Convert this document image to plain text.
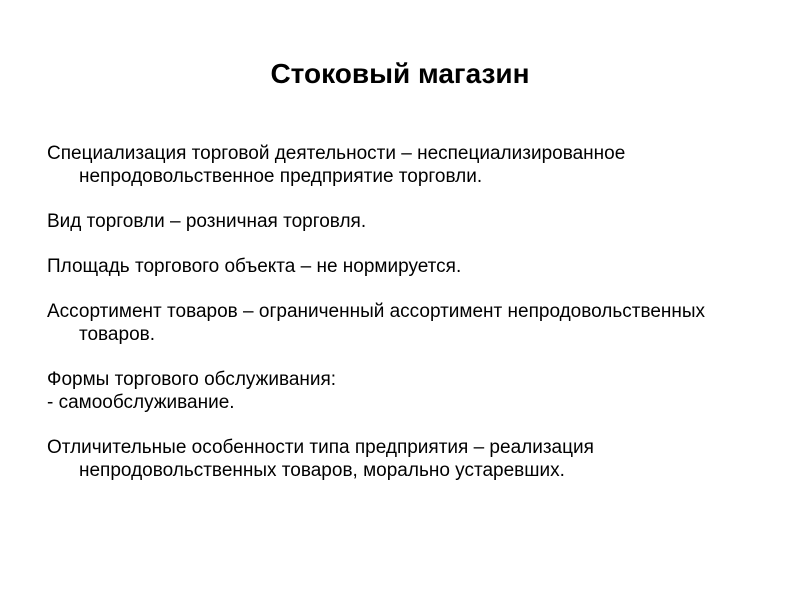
Стоковый магазин

Специализация торговой деятельности – неспециализированное непродовольственное предприятие торговли.

Вид торговли – розничная торговля.

Площадь торгового объекта – не нормируется.

Ассортимент товаров – ограниченный ассортимент непродовольственных товаров.

Формы торгового обслуживания:

- самообслуживание.

Отличительные особенности типа предприятия – реализация непродовольственных товаров, морально устаревших.
